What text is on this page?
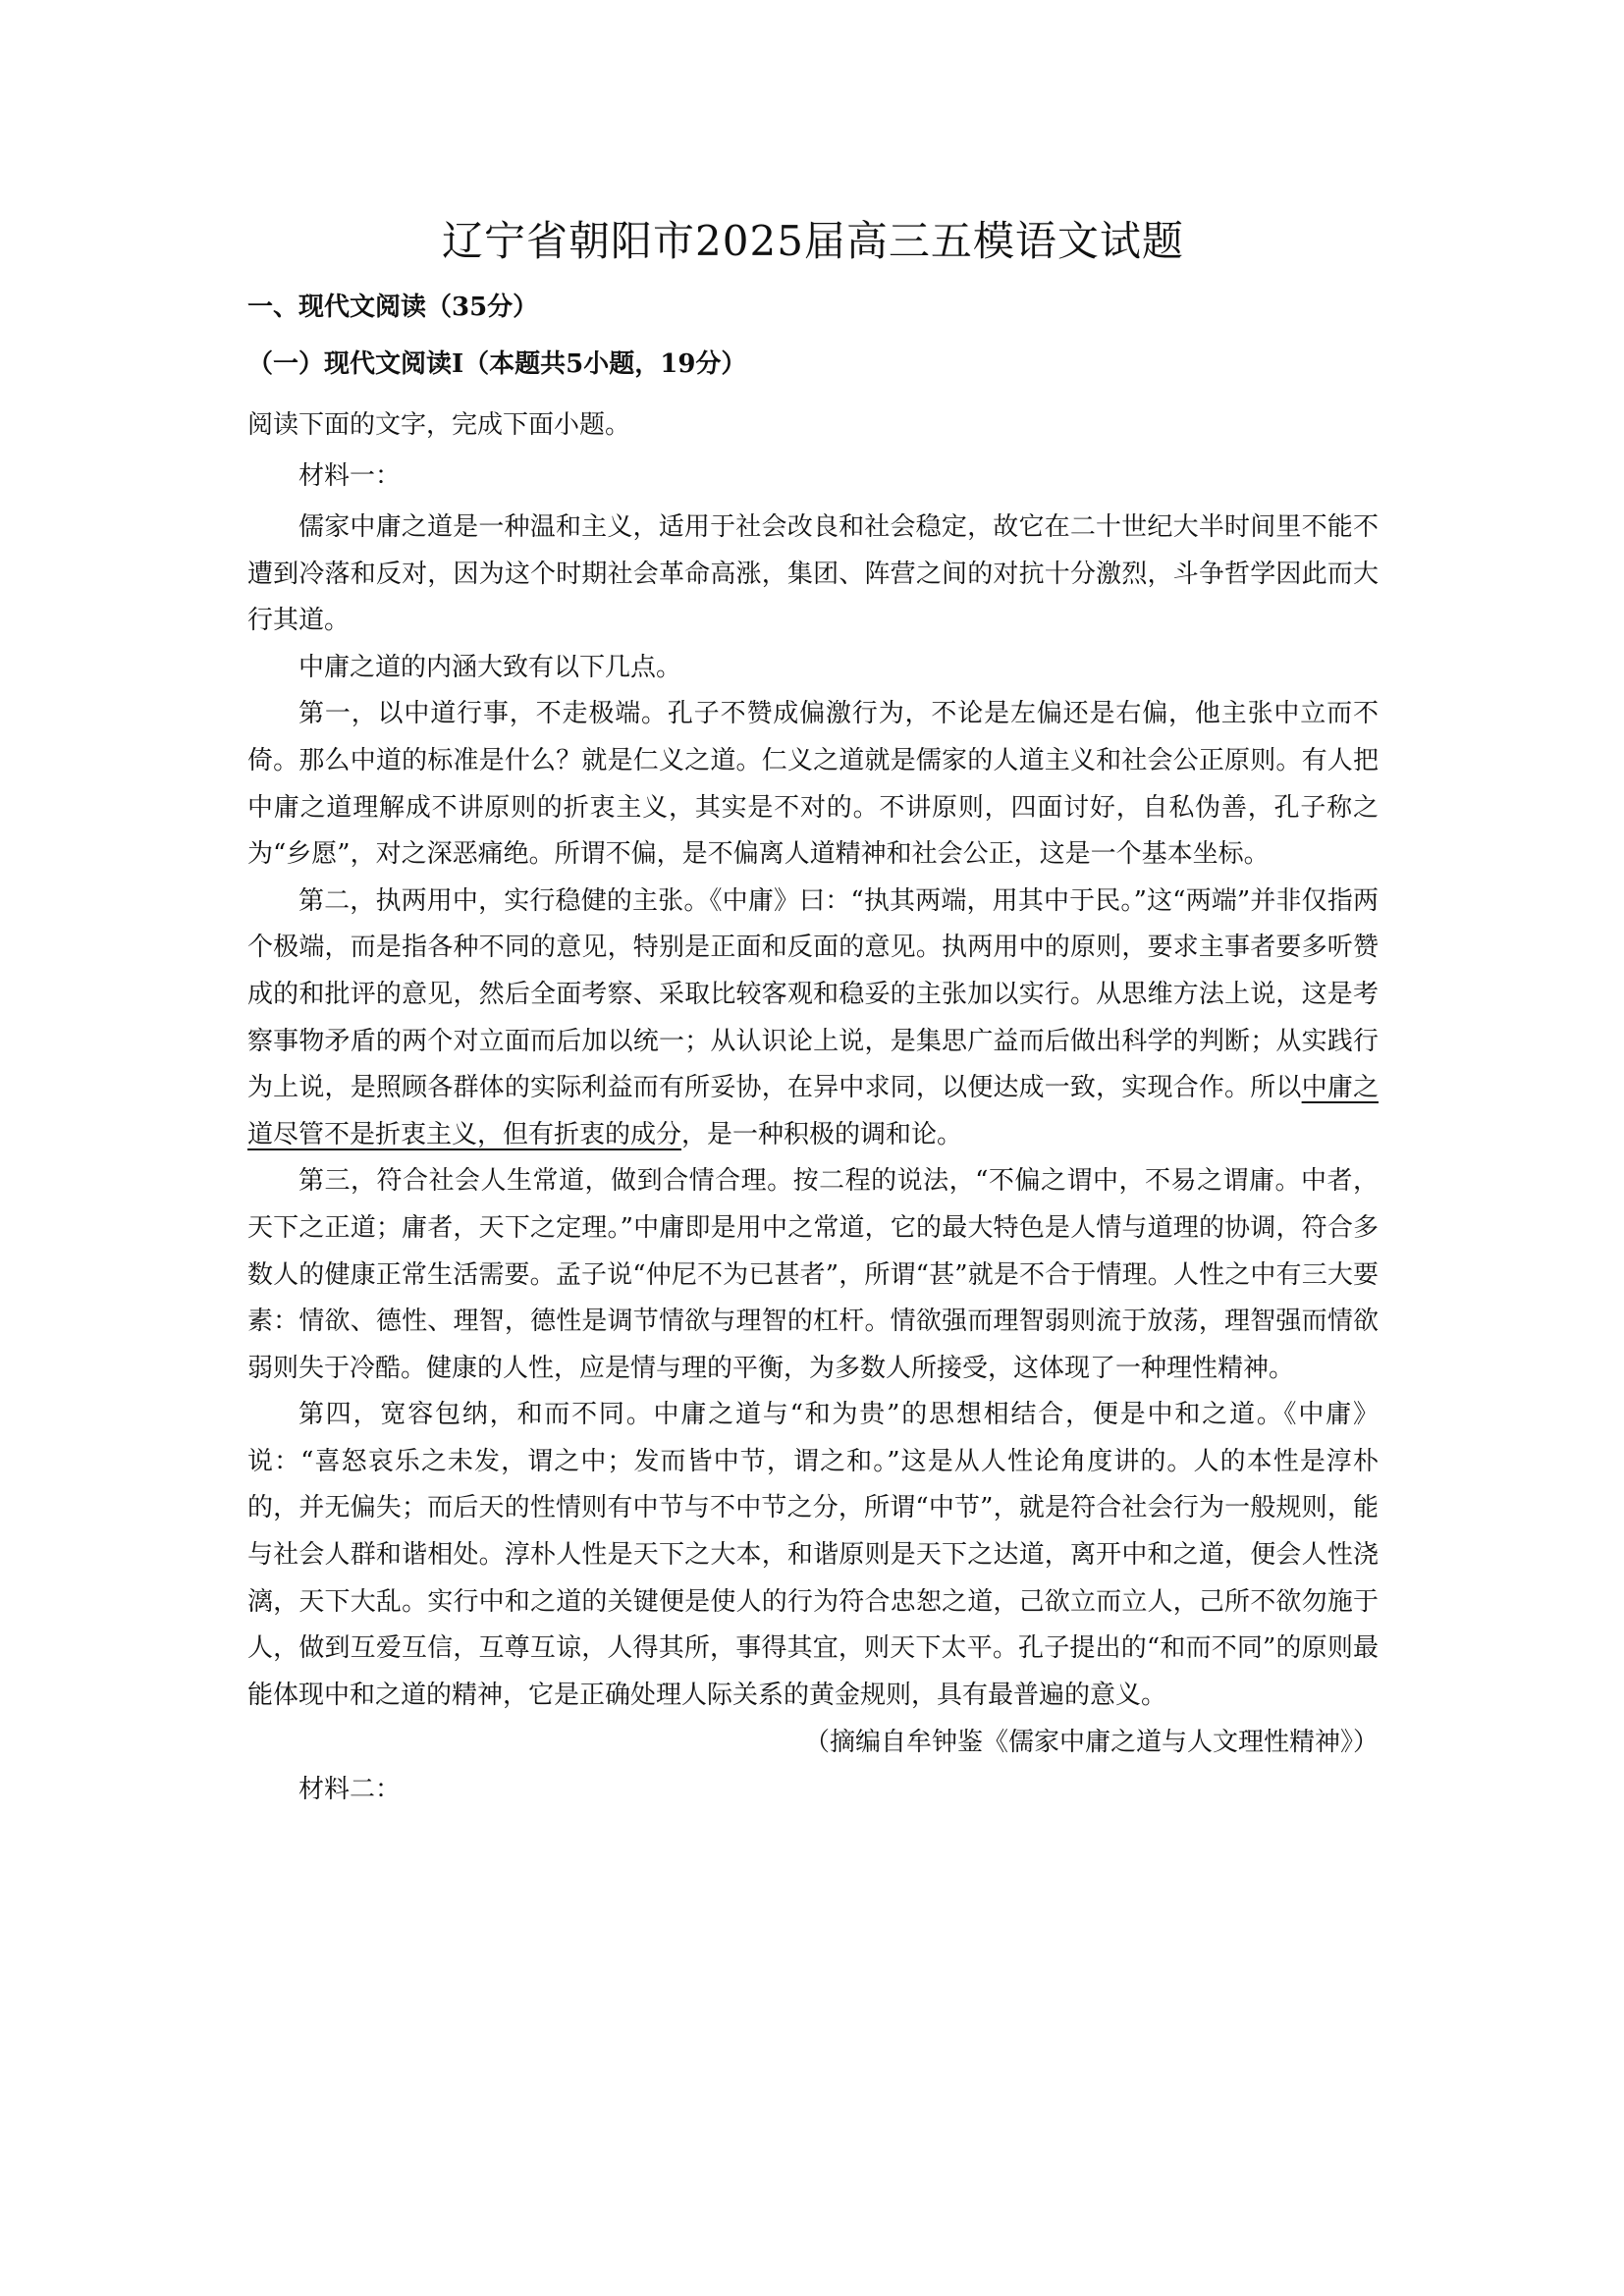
辽宁省朝阳市2025届高三五模语文试题
一、现代文阅读（35分）
（一）现代文阅读Ⅰ（本题共5小题，19分）
阅读下面的文字，完成下面小题。
材料一：

儒家中庸之道是一种温和主义，适用于社会改良和社会稳定，故它在二十世纪大半时间里不能不遭到冷落和反对，因为这个时期社会革命高涨，集团、阵营之间的对抗十分激烈，斗争哲学因此而大行其道。

中庸之道的内涵大致有以下几点。

第一，以中道行事，不走极端。孔子不赞成偏激行为，不论是左偏还是右偏，他主张中立而不倚。那么中道的标准是什么？就是仁义之道。仁义之道就是儒家的人道主义和社会公正原则。有人把中庸之道理解成不讲原则的折衷主义，其实是不对的。不讲原则，四面讨好，自私伪善，孔子称之为“乡愿”，对之深恶痛绝。所谓不偏，是不偏离人道精神和社会公正，这是一个基本坐标。

第二，执两用中，实行稳健的主张。《中庸》曰：“执其两端，用其中于民。”这“两端”并非仅指两个极端，而是指各种不同的意见，特别是正面和反面的意见。执两用中的原则，要求主事者要多听赞成的和批评的意见，然后全面考察、采取比较客观和稳妥的主张加以实行。从思维方法上说，这是考察事物矛盾的两个对立面而后加以统一；从认识论上说，是集思广益而后做出科学的判断；从实践行为上说，是照顾各群体的实际利益而有所妥协，在异中求同，以便达成一致，实现合作。所以中庸之道尽管不是折衷主义，但有折衷的成分，是一种积极的调和论。

第三，符合社会人生常道，做到合情合理。按二程的说法，“不偏之谓中，不易之谓庸。中者，天下之正道；庸者，天下之定理。”中庸即是用中之常道，它的最大特色是人情与道理的协调，符合多数人的健康正常生活需要。孟子说“仲尼不为已甚者”，所谓“甚”就是不合于情理。人性之中有三大要素：情欲、德性、理智，德性是调节情欲与理智的杠杆。情欲强而理智弱则流于放荡，理智强而情欲弱则失于冷酷。健康的人性，应是情与理的平衡，为多数人所接受，这体现了一种理性精神。

第四，宽容包纳，和而不同。中庸之道与“和为贵”的思想相结合，便是中和之道。《中庸》说：“喜怒哀乐之未发，谓之中；发而皆中节，谓之和。”这是从人性论角度讲的。人的本性是淳朴的，并无偏失；而后天的性情则有中节与不中节之分，所谓“中节”，就是符合社会行为一般规则，能与社会人群和谐相处。淳朴人性是天下之大本，和谐原则是天下之达道，离开中和之道，便会人性浇漓，天下大乱。实行中和之道的关键便是使人的行为符合忠恕之道，己欲立而立人，己所不欲勿施于人，做到互爱互信，互尊互谅，人得其所，事得其宜，则天下太平。孔子提出的“和而不同”的原则最能体现中和之道的精神，它是正确处理人际关系的黄金规则，具有最普遍的意义。

（摘编自牟钟鉴《儒家中庸之道与人文理性精神》）
材料二：
